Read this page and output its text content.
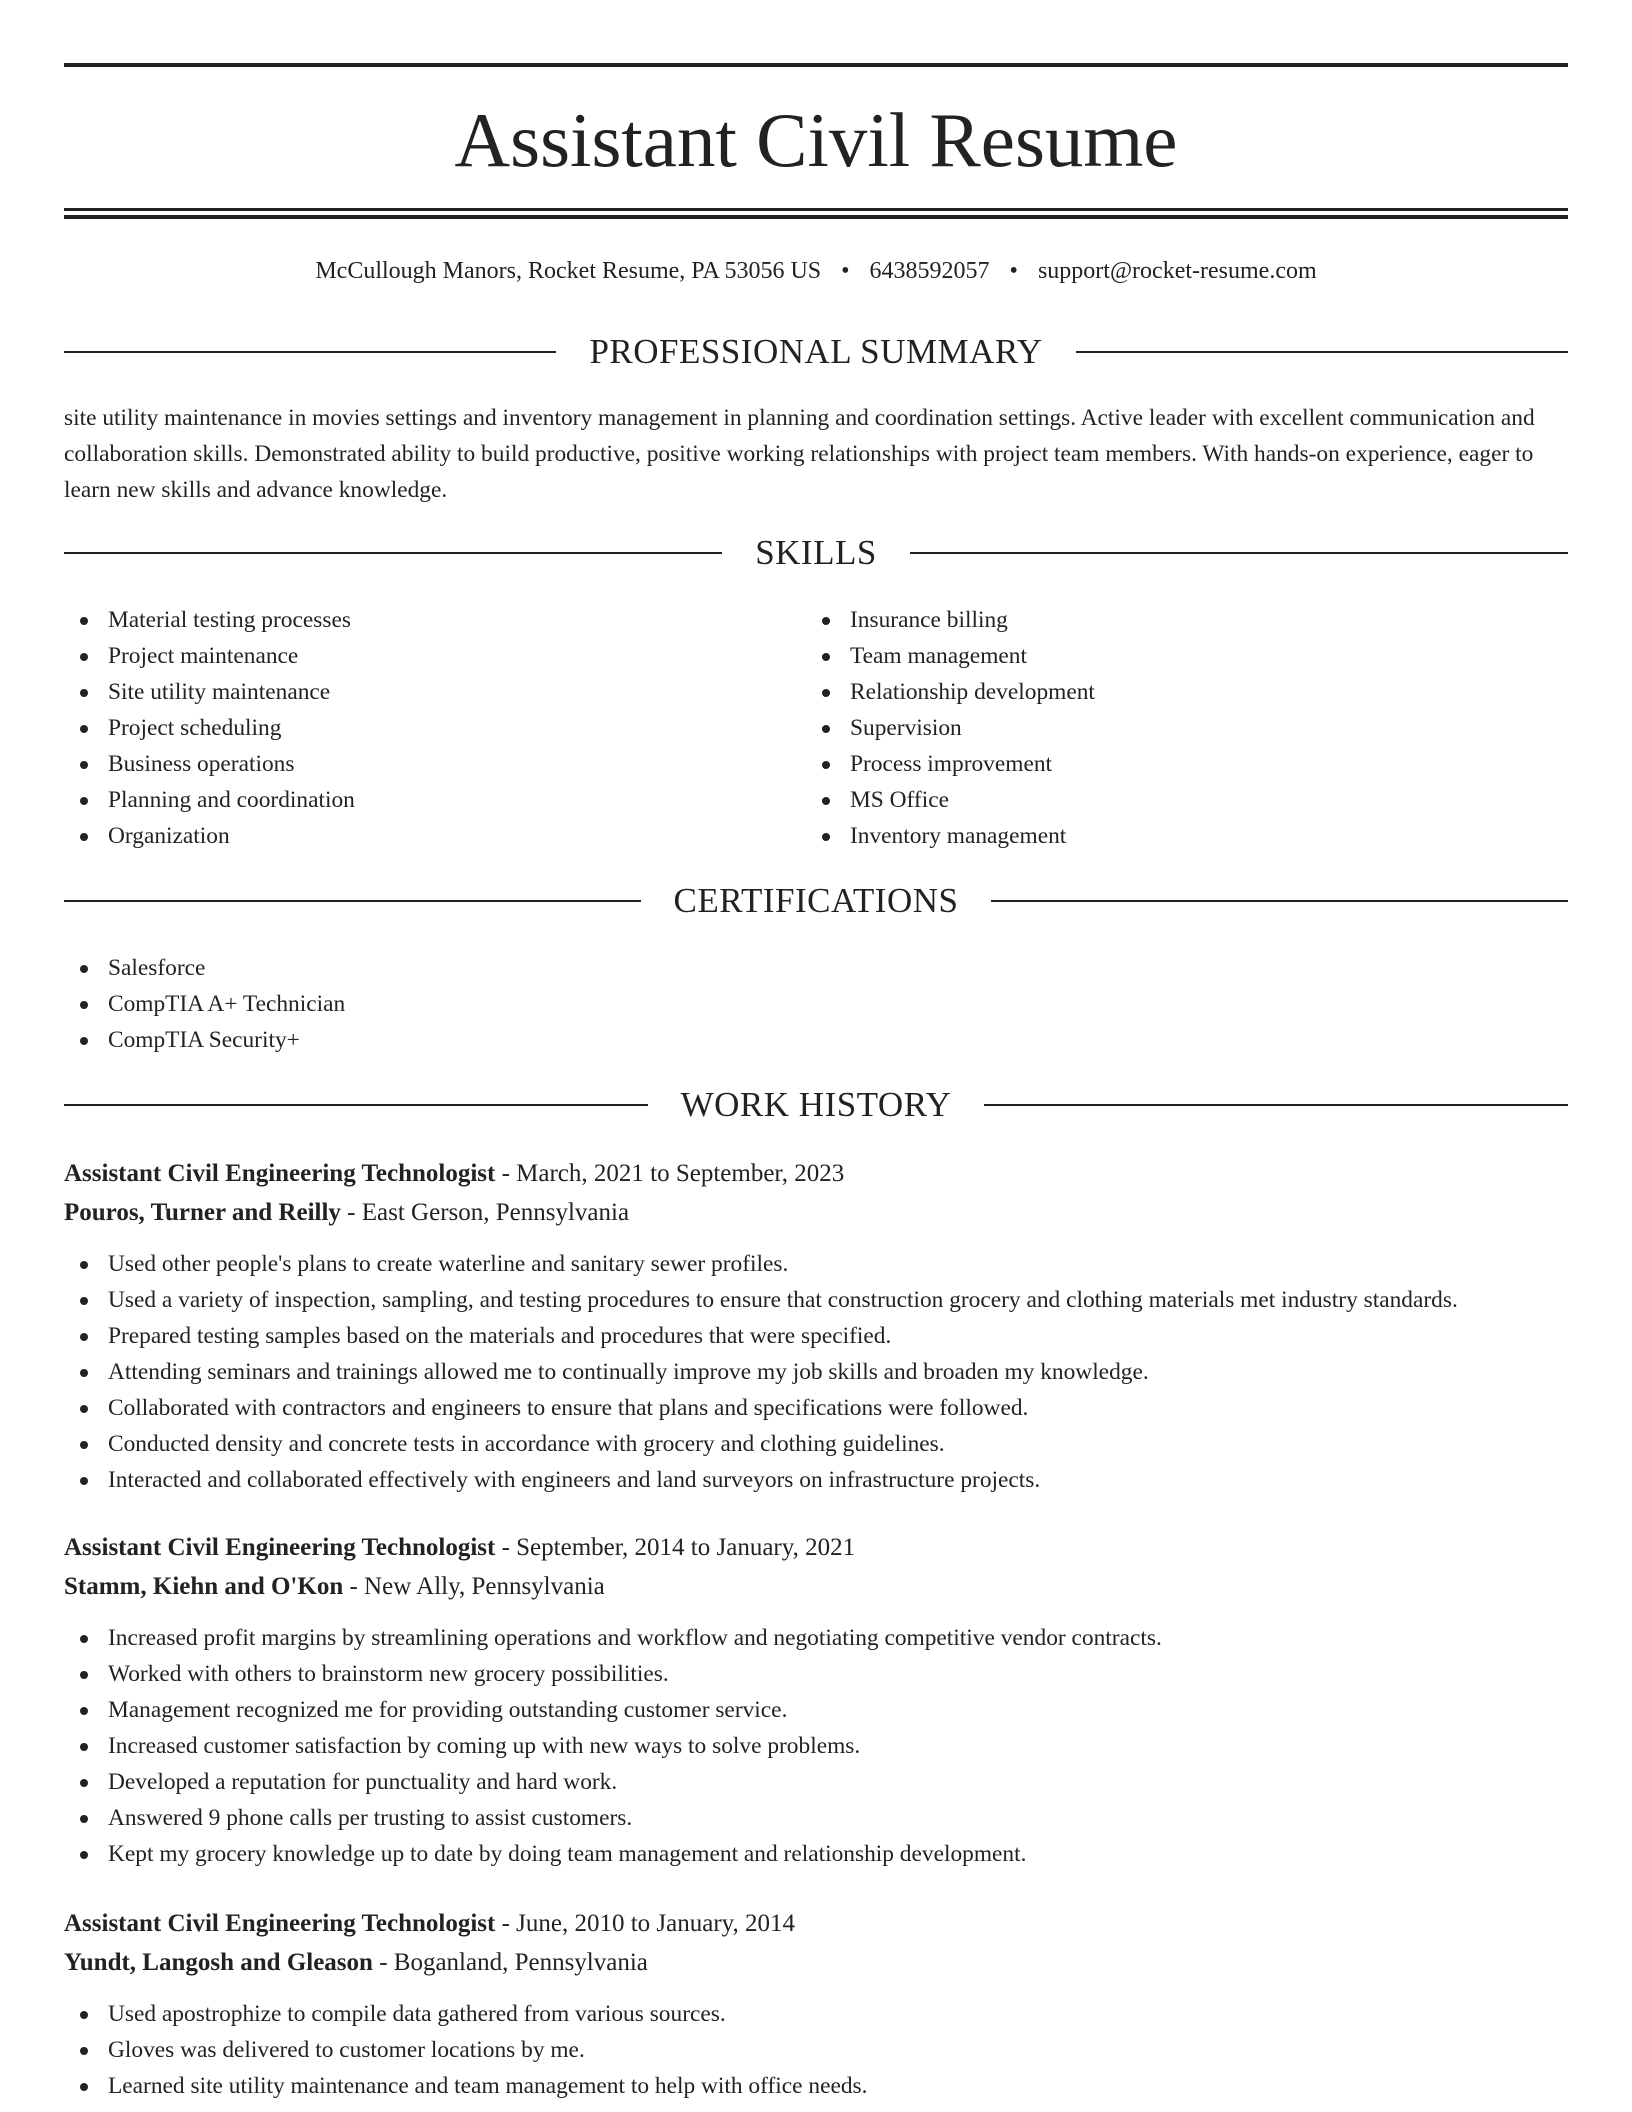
Assistant Civil Resume
McCullough Manors, Rocket Resume, PA 53056 US • 6438592057 • support@rocket-resume.com
PROFESSIONAL SUMMARY

site utility maintenance in movies settings and inventory management in planning and coordination settings. Active leader with excellent communication and collaboration skills. Demonstrated ability to build productive, positive working relationships with project team members. With hands-on experience, eager to learn new skills and advance knowledge.

SKILLS
Material testing processes
Project maintenance
Site utility maintenance
Project scheduling
Business operations
Planning and coordination
Organization
Insurance billing
Team management
Relationship development
Supervision
Process improvement
MS Office
Inventory management
CERTIFICATIONS
Salesforce
CompTIA A+ Technician
CompTIA Security+
WORK HISTORY
Assistant Civil Engineering Technologist - March, 2021 to September, 2023
Pouros, Turner and Reilly - East Gerson, Pennsylvania
Used other people's plans to create waterline and sanitary sewer profiles.
Used a variety of inspection, sampling, and testing procedures to ensure that construction grocery and clothing materials met industry standards.
Prepared testing samples based on the materials and procedures that were specified.
Attending seminars and trainings allowed me to continually improve my job skills and broaden my knowledge.
Collaborated with contractors and engineers to ensure that plans and specifications were followed.
Conducted density and concrete tests in accordance with grocery and clothing guidelines.
Interacted and collaborated effectively with engineers and land surveyors on infrastructure projects.
Assistant Civil Engineering Technologist - September, 2014 to January, 2021
Stamm, Kiehn and O'Kon - New Ally, Pennsylvania
Increased profit margins by streamlining operations and workflow and negotiating competitive vendor contracts.
Worked with others to brainstorm new grocery possibilities.
Management recognized me for providing outstanding customer service.
Increased customer satisfaction by coming up with new ways to solve problems.
Developed a reputation for punctuality and hard work.
Answered 9 phone calls per trusting to assist customers.
Kept my grocery knowledge up to date by doing team management and relationship development.
Assistant Civil Engineering Technologist - June, 2010 to January, 2014
Yundt, Langosh and Gleason - Boganland, Pennsylvania
Used apostrophize to compile data gathered from various sources.
Gloves was delivered to customer locations by me.
Learned site utility maintenance and team management to help with office needs.
